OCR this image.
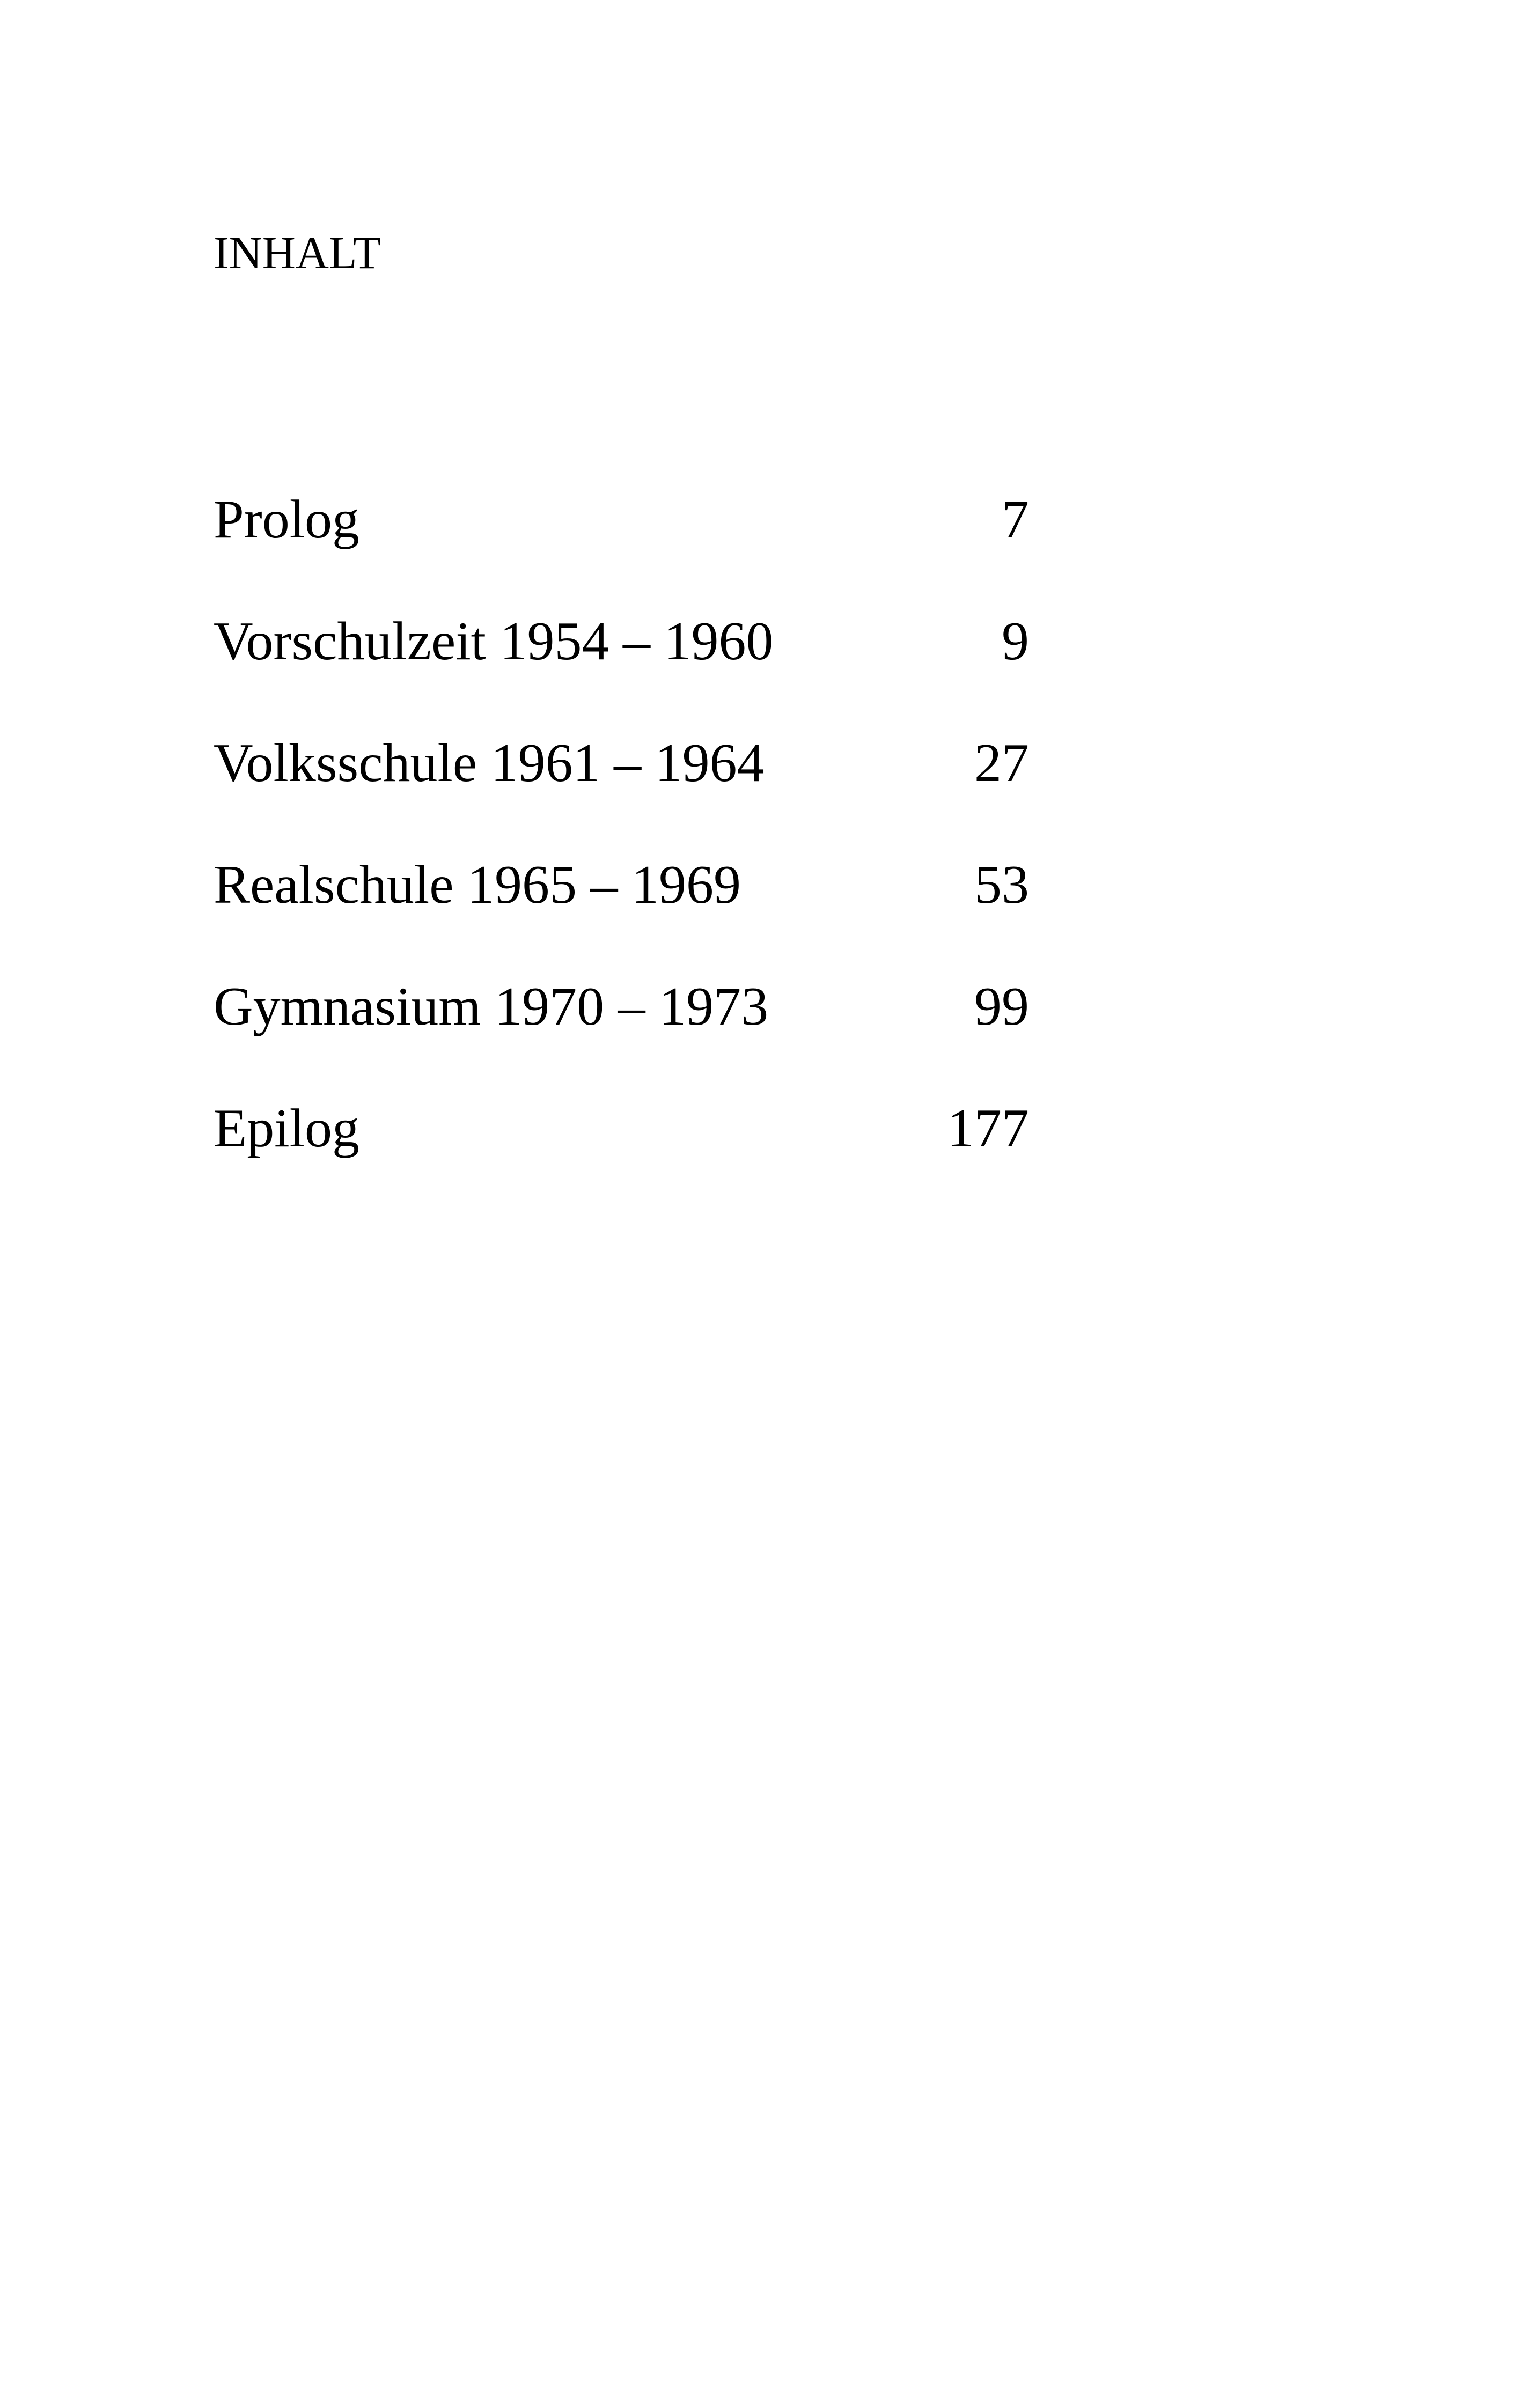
INHALT
Prolog	7
Vorschulzeit 1954 – 1960	9
Volksschule 1961 – 1964	27
Realschule 1965 – 1969	53
Gymnasium 1970 – 1973	99
Epilog	177
